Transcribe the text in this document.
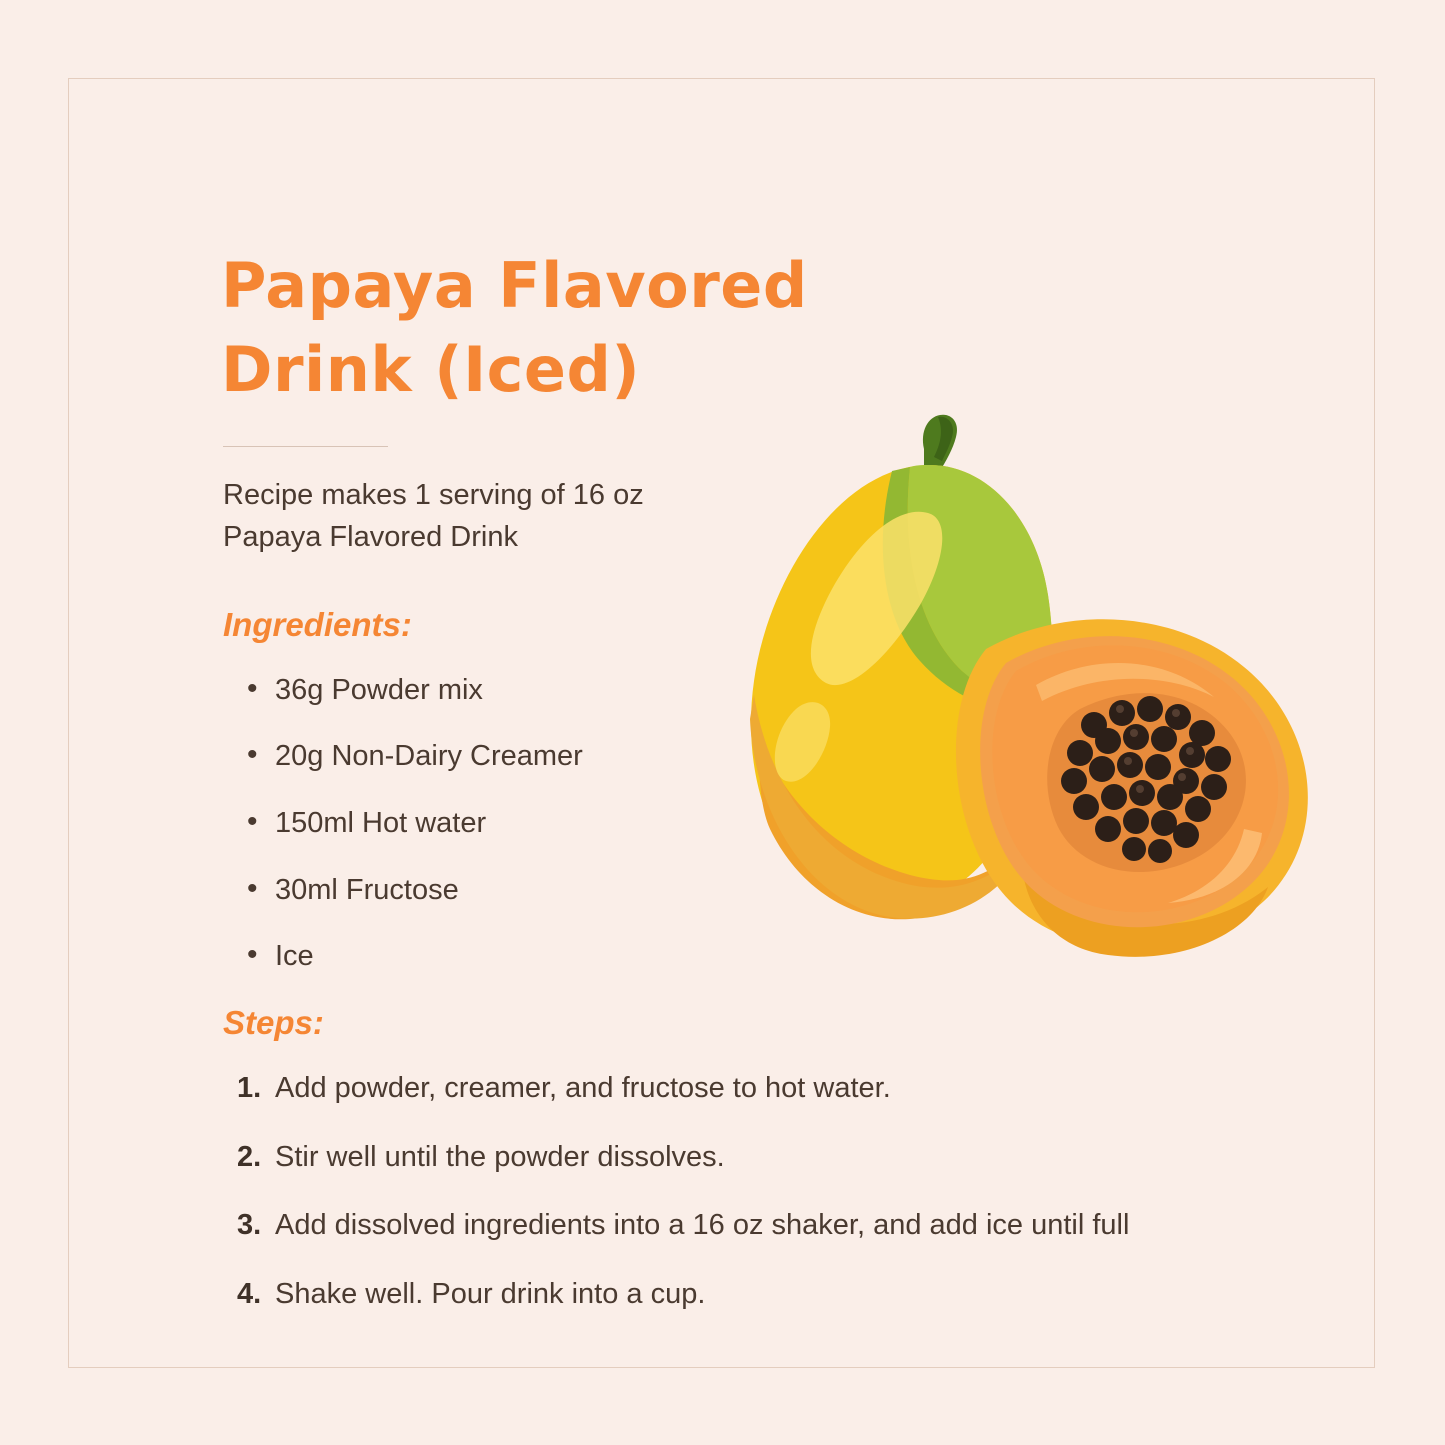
Papaya Flavored
Drink (Iced)

Recipe makes 1 serving of 16 oz Papaya Flavored Drink

Ingredients:
• 36g Powder mix
• 20g Non-Dairy Creamer
• 150ml Hot water
• 30ml Fructose
• Ice
Steps:
Add powder, creamer, and fructose to hot water.
Stir well until the powder dissolves.
Add dissolved ingredients into a 16 oz shaker, and add ice until full
Shake well. Pour drink into a cup.
